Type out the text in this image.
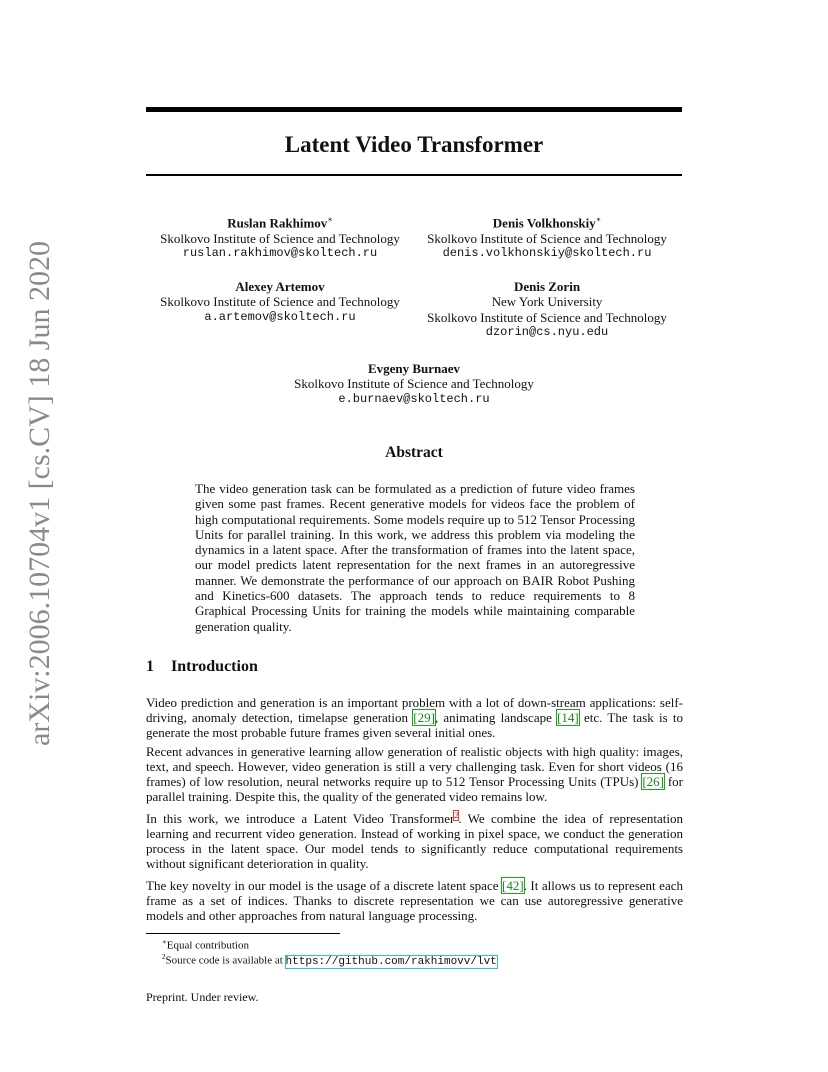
arXiv:2006.10704v1 [cs.CV] 18 Jun 2020
Latent Video Transformer
Ruslan Rakhimov∗
Skolkovo Institute of Science and Technology
ruslan.rakhimov@skoltech.ru
Denis Volkhonskiy∗
Skolkovo Institute of Science and Technology
denis.volkhonskiy@skoltech.ru
Alexey Artemov
Skolkovo Institute of Science and Technology
a.artemov@skoltech.ru
Denis Zorin
New York University
Skolkovo Institute of Science and Technology
dzorin@cs.nyu.edu
Evgeny Burnaev
Skolkovo Institute of Science and Technology
e.burnaev@skoltech.ru
Abstract

The video generation task can be formulated as a prediction of future video frames given some past frames. Recent generative models for videos face the problem of high computational requirements. Some models require up to 512 Tensor Processing Units for parallel training. In this work, we address this problem via modeling the dynamics in a latent space. After the transformation of frames into the latent space, our model predicts latent representation for the next frames in an autoregressive manner. We demonstrate the performance of our approach on BAIR Robot Pushing and Kinetics-600 datasets. The approach tends to reduce requirements to 8 Graphical Processing Units for training the models while maintaining comparable generation quality.

1 Introduction

Video prediction and generation is an important problem with a lot of down-stream applications: self-driving, anomaly detection, timelapse generation [29], animating landscape [14] etc. The task is to generate the most probable future frames given several initial ones.

Recent advances in generative learning allow generation of realistic objects with high quality: images, text, and speech. However, video generation is still a very challenging task. Even for short videos (16 frames) of low resolution, neural networks require up to 512 Tensor Processing Units (TPUs) [26] for parallel training. Despite this, the quality of the generated video remains low.

In this work, we introduce a Latent Video Transformer$^2$. We combine the idea of representation learning and recurrent video generation. Instead of working in pixel space, we conduct the generation process in the latent space. Our model tends to significantly reduce computational requirements without significant deterioration in quality.

The key novelty in our model is the usage of a discrete latent space [42]. It allows us to represent each frame as a set of indices. Thanks to discrete representation we can use autoregressive generative models and other approaches from natural language processing.

∗Equal contribution
$^2$Source code is available at https://github.com/rakhimovv/lvt
Preprint. Under review.
